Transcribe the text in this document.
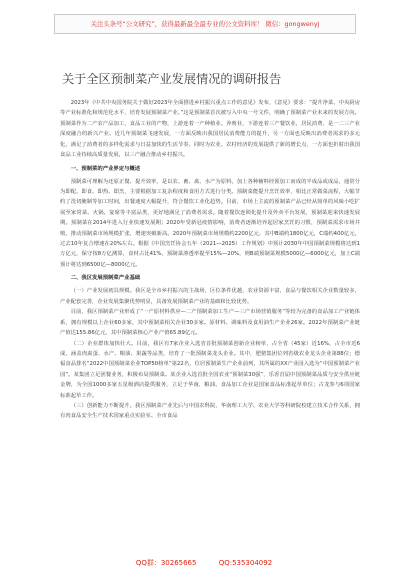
关注头条号“公文研究”，获得最新最全最专业的公文资料库！ 微信：gongwenyj
关于全区预制菜产业发展情况的调研报告

2023年《中共中央国务院关于做好2023年全面推进乡村振兴重点工作的意见》发布，《意见》要求：“提升净菜、中央厨房等产业标准化和规范化水平，培育发展预制菜产业。”这是预制菜首次被写入中央一号文件，明确了预制菜产业未来的发展方向。预制菜作为二产农产品加工，食品工业的产物，上游连着一产种植业、养殖业，下游连着三产餐饮业，居民消费，是一二三产业深度融合的新兴产业。近几年预制菜飞速发展，一方面反映出我国居民消费能力的提升，另一方面也反映出消费者需求的多元化，满足了消费者的多样化需求与日益加快的生活节奏，同时为农业、农村经济的发展提供了新的增长点，一方面也折射出我国食品工业持续高质量发展，以三产融合推动乡村振兴。

一、预制菜的产业界定与概述

预制菜可理解为还原正餐、提升效率，是以农、畜、禽、水产为原料，加上各种辅料经预加工而成的半成品或成品，通常分为即配、即食、即热、即烹，主要根据加工复杂程度和食用方式进行分类。预制菜能提升烹饪效率，相比正常做菜流程，大幅节约了洗切腌制等加工时间，出餐速度大幅提升，符合餐饮工业化趋势。目前，市场上主流的预制菜产品已经从简单的风味小吃扩展至家常菜、火锅、宴席等丰富品类，更好地满足了消费者需求。随着餐饮连锁化提升及外卖平台发展，预制菜迎来快速发展期。预制菜在2014年进入行业快速发展期；2020年受新冠疫情影响，消费者逐渐培养起居家烹饪的习惯，预制菜需求市场井喷，推动预制菜市场规模扩张，增速突破新高。2020年预制菜市场规模约2200亿元，其中B端约1800亿元，C端约400亿元，过去10年复合增速在20%左右。根据《中国烹饪协会五年（2021—2025）工作规划》中预计2030年中国预制菜规模将达到1万亿元，保守按8万亿测算，食材占比41%，预制菜渗透率提至15%—20%，则B端预制菜规模5000亿—6000亿元，加上C端预计将达到6500亿—8000亿元。

二、我区发展预制菜产业基础

（一）产业发展初具规模。我区是全市乡村振兴的主战场，区位条件优越，农业资源丰富，食品与餐饮相关企业数量较多，产业配套完善，企业发展集聚优势明显，具备发展预制菜产业的基础和比较优势。

目前，我区预制菜产业形成了“一产原材料供应—二产预制菜加工生产—三产市场营销服务”等较为完备的食品加工产业链体系，拥有规模以上企业60多家，其中预制菜相关企业30多家。原材料、调味料及食用油生产企业26家。2022年预制菜产业链产值达155.86亿元，其中预制菜核心产业产值65.89亿元。

（二）企业群体加快壮大。目前，我区有7家企业入选省首批预制菜创新企业榜单，占全省（45家）近16%，占全市近6成，涵盖肉禽蛋、水产、粮油、果蔬等品类，培育了一批预制菜龙头企业。其中，肥猪集团位列省级农业龙头企业第88位；德福食品排名“2022中国预制菜企业TOP50榜单”第22名，位居预制菜生产企业前列，其所属的XX产业园入选为“中国预制菜产业园”。某集团立足团餐业务，积极布局预制菜。某企业入选首批全国农业“预制菜30强”，乐香首届中国预制菜品质与安全供应链金牌，为全国1000多家五星级酒店提供服务，立足于华南，粮油、食品加工企业是国家食品标准起草单位；古龙参与6项国家标准起草工作。

（三）创新能力不断提升。我区预制菜产业先后与中国农科院、华南理工大学、农业大学等科研院校建立技术合作关系，拥有肉食品安全生产技术国家重点实验室、全市食品

QQ群：30265665	QQ:535304092
